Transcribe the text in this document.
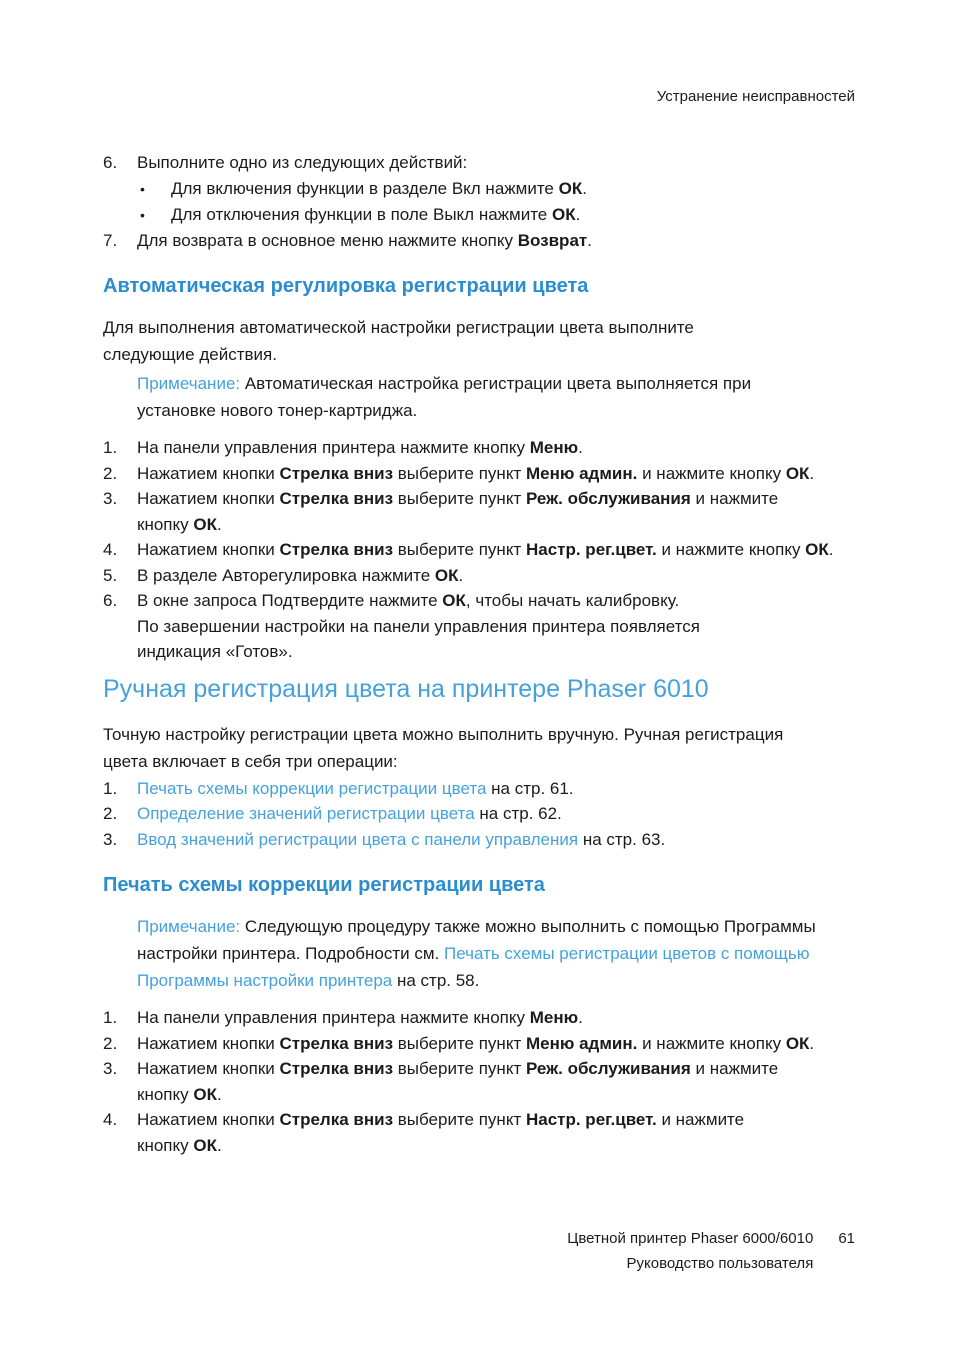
Устранение неисправностей
6.	Выполните одно из следующих действий:
•	Для включения функции в разделе Вкл нажмите ОК.
•	Для отключения функции в поле Выкл нажмите ОК.
7.	Для возврата в основное меню нажмите кнопку Возврат.
Автоматическая регулировка регистрации цвета
Для выполнения автоматической настройки регистрации цвета выполните
следующие действия.
Примечание: Автоматическая настройка регистрации цвета выполняется при
установке нового тонер-картриджа.
1.	На панели управления принтера нажмите кнопку Меню.
2.	Нажатием кнопки Стрелка вниз выберите пункт Меню админ. и нажмите кнопку ОК.
3.	Нажатием кнопки Стрелка вниз выберите пункт Реж. обслуживания и нажмите
кнопку ОК.
4.	Нажатием кнопки Стрелка вниз выберите пункт Настр. рег.цвет. и нажмите кнопку ОК.
5.	В разделе Авторегулировка нажмите ОК.
6.	В окне запроса Подтвердите нажмите ОК, чтобы начать калибровку.
По завершении настройки на панели управления принтера появляется
индикация «Готов».
Ручная регистрация цвета на принтере Phaser 6010
Точную настройку регистрации цвета можно выполнить вручную. Ручная регистрация
цвета включает в себя три операции:
1.	Печать схемы коррекции регистрации цвета на стр. 61.
2.	Определение значений регистрации цвета на стр. 62.
3.	Ввод значений регистрации цвета с панели управления на стр. 63.
Печать схемы коррекции регистрации цвета
Примечание: Следующую процедуру также можно выполнить с помощью Программы
настройки принтера. Подробности см. Печать схемы регистрации цветов с помощью
Программы настройки принтера на стр. 58.
1.	На панели управления принтера нажмите кнопку Меню.
2.	Нажатием кнопки Стрелка вниз выберите пункт Меню админ. и нажмите кнопку ОК.
3.	Нажатием кнопки Стрелка вниз выберите пункт Реж. обслуживания и нажмите
кнопку ОК.
4.	Нажатием кнопки Стрелка вниз выберите пункт Настр. рег.цвет. и нажмите
кнопку ОК.
Цветной принтер Phaser 6000/6010
Руководство пользователя
61
